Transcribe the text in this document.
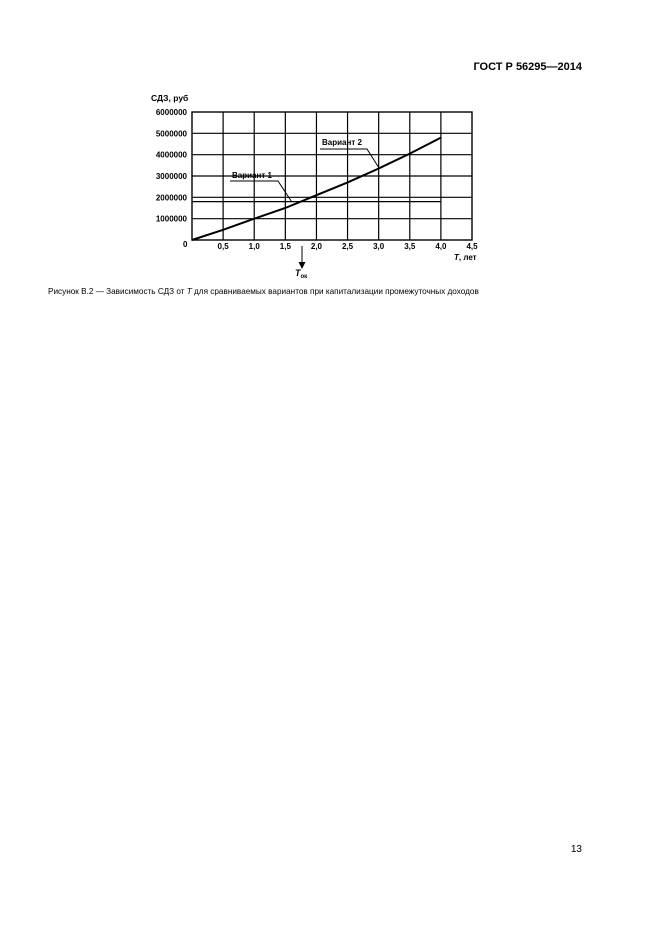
ГОСТ Р 56295—2014
0,5 1,0 1,5 2,0 2,5 3,0 3,5 4,0 4,5
1000000
2000000
3000000
4000000
5000000
6000000
Вариант 1
Вариант 2
СДЗ, руб
0
T, лет
$T_{ок}$
Рисунок В.2 — Зависимость СДЗ от T для сравниваемых вариантов при капитализации промежуточных доходов
13
